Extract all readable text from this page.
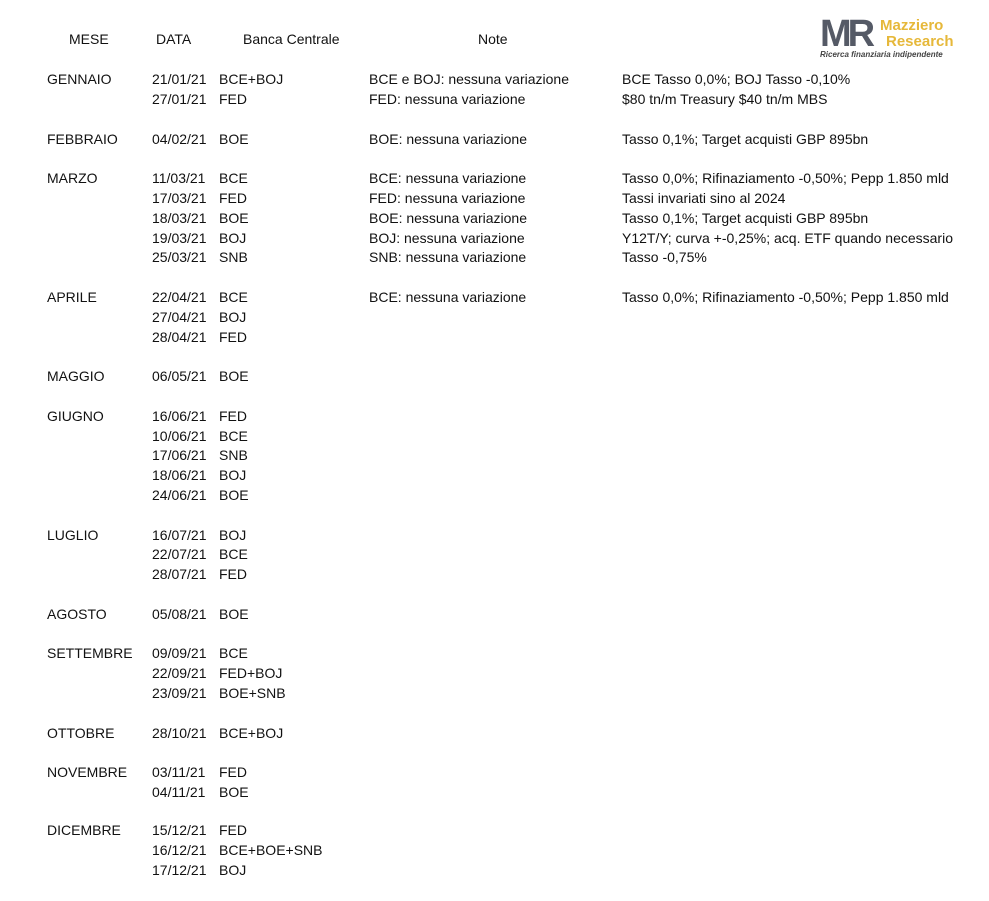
MESE	DATA	Banca Centrale	Note	MR Mazziero
Research
Ricerca finanziaria indipendente
GENNAIO	21/01/21 BCE+BOJ	BCE e BOJ: nessuna variazione	BCE Tasso 0,0%; BOJ Tasso -0,10%
27/01/21 FED	FED: nessuna variazione	$80 tn/m Treasury $40 tn/m MBS
FEBBRAIO 04/02/21 BOE	BOE: nessuna variazione	Tasso 0,1%; Target acquisti GBP 895bn
MARZO	11/03/21 BCE	BCE: nessuna variazione	Tasso 0,0%; Rifinaziamento -0,50%; Pepp 1.850 mld
17/03/21 FED	FED: nessuna variazione	Tassi invariati sino al 2024
18/03/21 BOE	BOE: nessuna variazione	Tasso 0,1%; Target acquisti GBP 895bn
19/03/21 BOJ	BOJ: nessuna variazione	Y12T/Y; curva +-0,25%; acq. ETF quando necessario
25/03/21 SNB	SNB: nessuna variazione	Tasso -0,75%
APRILE	22/04/21 BCE	BCE: nessuna variazione	Tasso 0,0%; Rifinaziamento -0,50%; Pepp 1.850 mld
27/04/21 BOJ
28/04/21 FED
MAGGIO	06/05/21 BOE
GIUGNO	16/06/21 FED
10/06/21 BCE
17/06/21 SNB
18/06/21 BOJ
24/06/21 BOE
LUGLIO	16/07/21 BOJ
22/07/21 BCE
28/07/21 FED
AGOSTO	05/08/21 BOE
SETTEMBRE 09/09/21 BCE
22/09/21 FED+BOJ
23/09/21 BOE+SNB
OTTOBRE	28/10/21 BCE+BOJ
NOVEMBRE 03/11/21 FED
04/11/21 BOE
DICEMBRE 15/12/21 FED
16/12/21 BCE+BOE+SNB
17/12/21 BOJ
